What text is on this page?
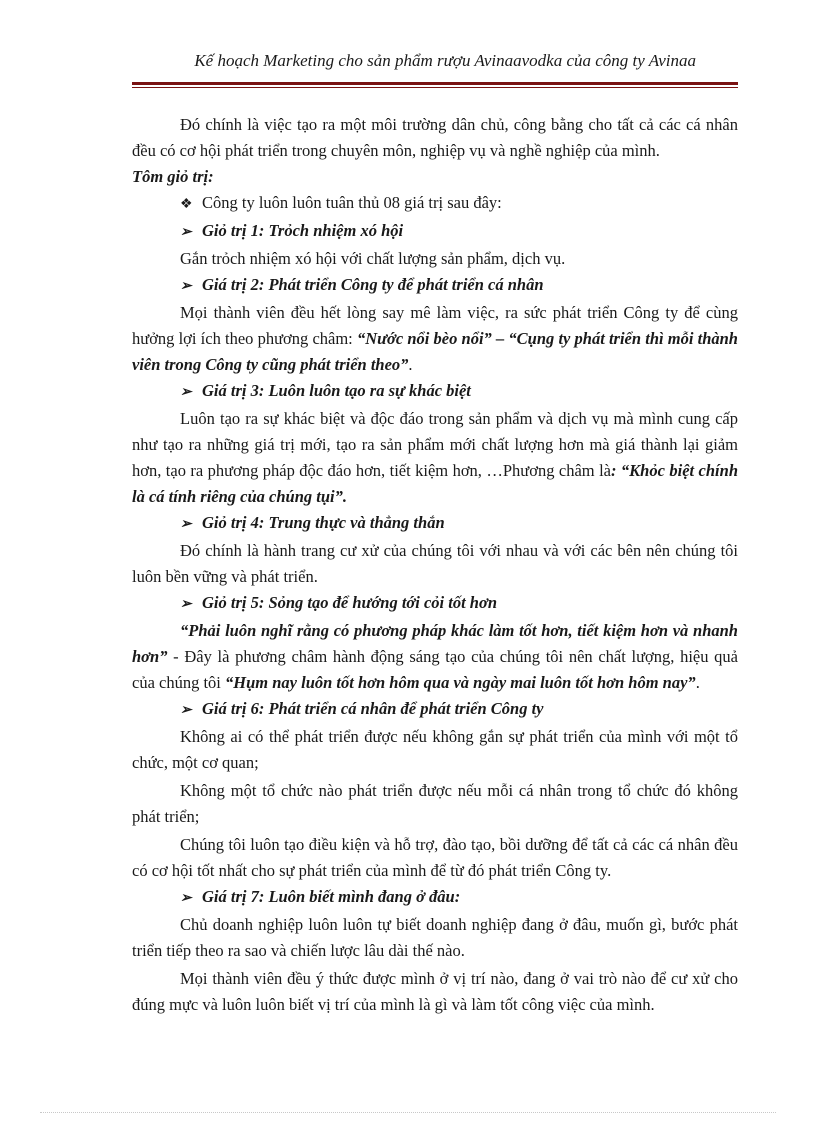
Kế hoạch Marketing cho sản phẩm rượu Avinaavodka của công ty Avinaa

Đó chính là việc tạo ra một môi trường dân chủ, công bằng cho tất cả các cá nhân đều có cơ hội phát triển trong chuyên môn, nghiệp vụ và nghề nghiệp của mình.

Tôm giỏ trị:

❖ Công ty luôn luôn tuân thủ 08 giá trị sau đây:

➢ Giỏ trị 1: Trỏch nhiệm xó hội

Gắn trỏch nhiệm xó hội với chất lượng sản phẩm, dịch vụ.

➢ Giá trị 2: Phát triển Công ty để phát triển cá nhân

Mọi thành viên đều hết lòng say mê làm việc, ra sức phát triển Công ty để cùng hưởng lợi ích theo phương châm: “Nước nổi bèo nổi” – “Cụng ty phát triển thì mỗi thành viên trong Công ty cũng phát triển theo”.

➢ Giá trị 3: Luôn luôn tạo ra sự khác biệt

Luôn tạo ra sự khác biệt và độc đáo trong sản phẩm và dịch vụ mà mình cung cấp như tạo ra những giá trị mới, tạo ra sản phẩm mới chất lượng hơn mà giá thành lại giảm hơn, tạo ra phương pháp độc đáo hơn, tiết kiệm hơn, …Phương châm là: “Khỏc biệt chính là cá tính riêng của chúng tụi”.

➢ Giỏ trị 4: Trung thực và thẳng thắn

Đó chính là hành trang cư xử của chúng tôi với nhau và với các bên nên chúng tôi luôn bền vững và phát triển.

➢ Giỏ trị 5: Sỏng tạo để hướng tới cỏi tốt hơn

“Phải luôn nghĩ rằng có phương pháp khác làm tốt hơn, tiết kiệm hơn và nhanh hơn” - Đây là phương châm hành động sáng tạo của chúng tôi nên chất lượng, hiệu quả của chúng tôi “Hụm nay luôn tốt hơn hôm qua và ngày mai luôn tốt hơn hôm nay”.

➢ Giá trị 6: Phát triển cá nhân để phát triển Công ty

Không ai có thể phát triển được nếu không gắn sự phát triển của mình với một tổ chức, một cơ quan;

Không một tổ chức nào phát triển được nếu mỗi cá nhân trong tổ chức đó không phát triển;

Chúng tôi luôn tạo điều kiện và hỗ trợ, đào tạo, bồi dưỡng để tất cả các cá nhân đều có cơ hội tốt nhất cho sự phát triển của mình để từ đó phát triển Công ty.

➢ Giá trị 7: Luôn biết mình đang ở đâu:

Chủ doanh nghiệp luôn luôn tự biết doanh nghiệp đang ở đâu, muốn gì, bước phát triển tiếp theo ra sao và chiến lược lâu dài thế nào.

Mọi thành viên đều ý thức được mình ở vị trí nào, đang ở vai trò nào để cư xử cho đúng mực và luôn luôn biết vị trí của mình là gì và làm tốt công việc của mình.
